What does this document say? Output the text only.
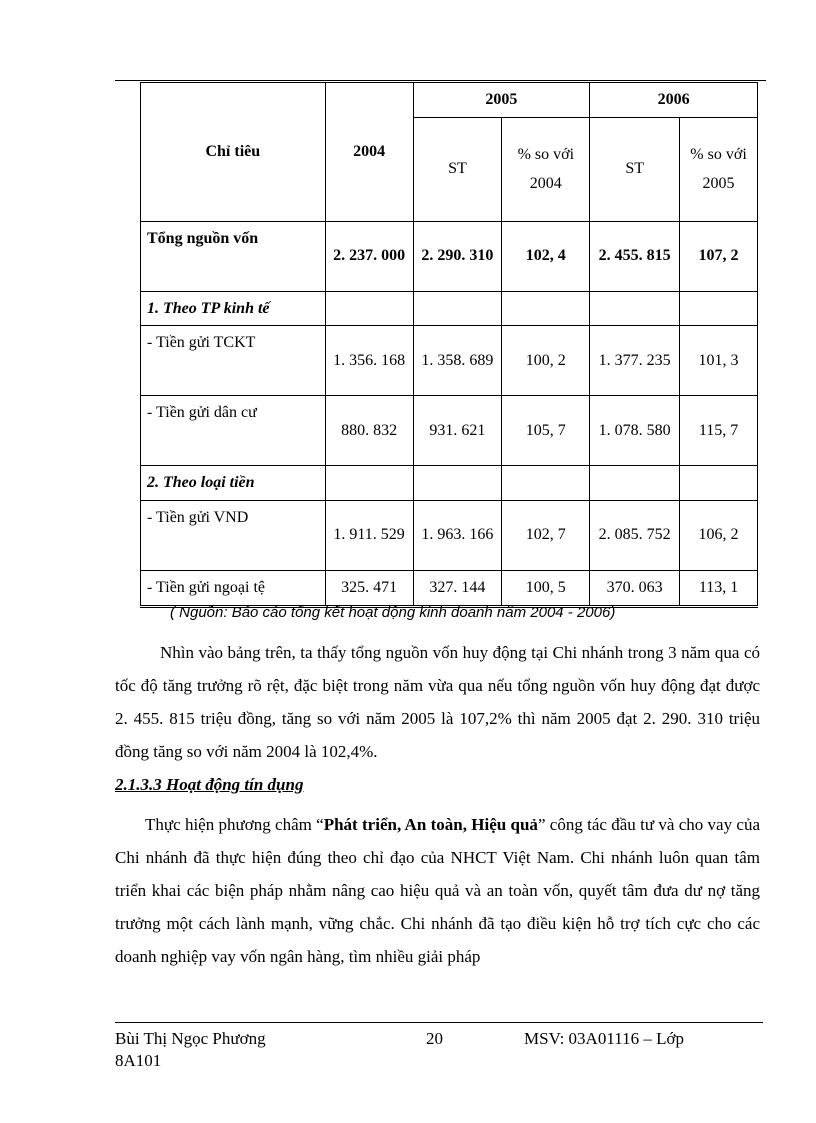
Chỉ tiêu	2004	2005		2006	
		ST	% so với 2004	ST	% so với 2005
Tổng nguồn vốn	2. 237. 000	2. 290. 310	102, 4	2. 455. 815	107, 2
1. Theo TP kinh tế					
- Tiền gửi TCKT	1. 356. 168	1. 358. 689	100, 2	1. 377. 235	101, 3
- Tiền gửi dân cư	880. 832	931. 621	105, 7	1. 078. 580	115, 7
2. Theo loại tiền					
- Tiền gửi VND	1. 911. 529	1. 963. 166	102, 7	2. 085. 752	106, 2
- Tiền gửi ngoại tệ	325. 471	327. 144	100, 5	370. 063	113, 1
( Nguồn: Báo cáo tổng kết hoạt động kinh doanh năm 2004 - 2006)

Nhìn vào bảng trên, ta thấy tổng nguồn vốn huy động tại Chi nhánh trong 3 năm qua có tốc độ tăng trưởng rõ rệt, đặc biệt trong năm vừa qua nếu tổng nguồn vốn huy động đạt được 2. 455. 815 triệu đồng, tăng so với năm 2005 là 107,2% thì năm 2005 đạt 2. 290. 310 triệu đồng tăng so với năm 2004 là 102,4%.

2.1.3.3 Hoạt động tín dụng

Thực hiện phương châm “Phát triển, An toàn, Hiệu quả” công tác đầu tư và cho vay của Chi nhánh đã thực hiện đúng theo chỉ đạo của NHCT Việt Nam. Chi nhánh luôn quan tâm triển khai các biện pháp nhằm nâng cao hiệu quả và an toàn vốn, quyết tâm đưa dư nợ tăng trưởng một cách lành mạnh, vững chắc. Chi nhánh đã tạo điều kiện hỗ trợ tích cực cho các doanh nghiệp vay vốn ngân hàng, tìm nhiều giải pháp

Bùi Thị Ngọc Phương 8A101
20	MSV: 03A01116 – Lớp
